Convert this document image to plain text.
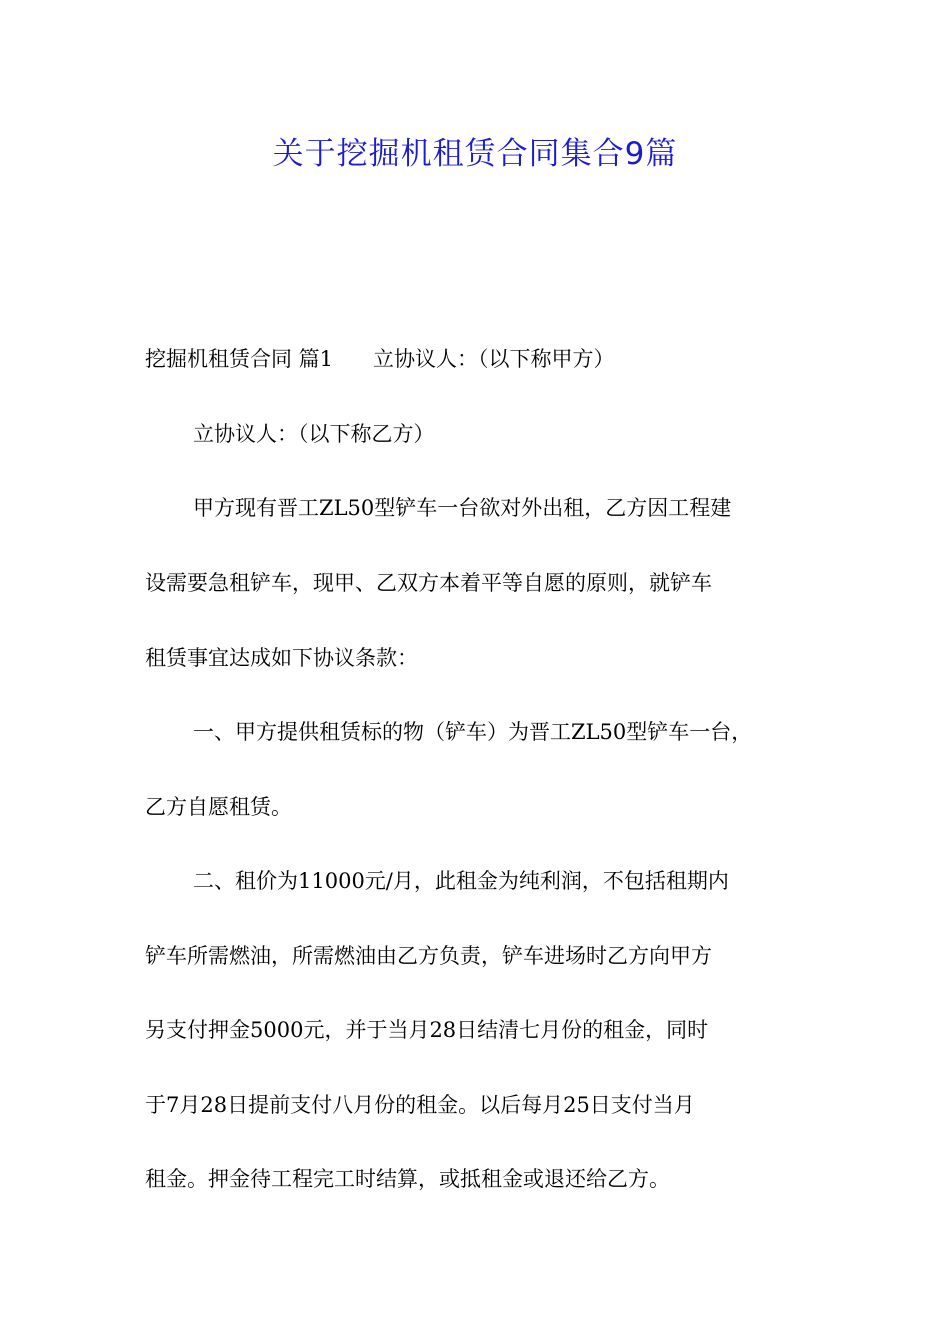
关于挖掘机租赁合同集合9篇

挖掘机租赁合同 篇1 立协议人：（以下称甲方）

立协议人：（以下称乙方）

甲方现有晋工ZL50型铲车一台欲对外出租，乙方因工程建

设需要急租铲车，现甲、乙双方本着平等自愿的原则，就铲车

租赁事宜达成如下协议条款：

一、甲方提供租赁标的物（铲车）为晋工ZL50型铲车一台，

乙方自愿租赁。

二、租价为11000元/月，此租金为纯利润，不包括租期内

铲车所需燃油，所需燃油由乙方负责，铲车进场时乙方向甲方

另支付押金5000元，并于当月28日结清七月份的租金，同时

于7月28日提前支付八月份的租金。以后每月25日支付当月

租金。押金待工程完工时结算，或抵租金或退还给乙方。
